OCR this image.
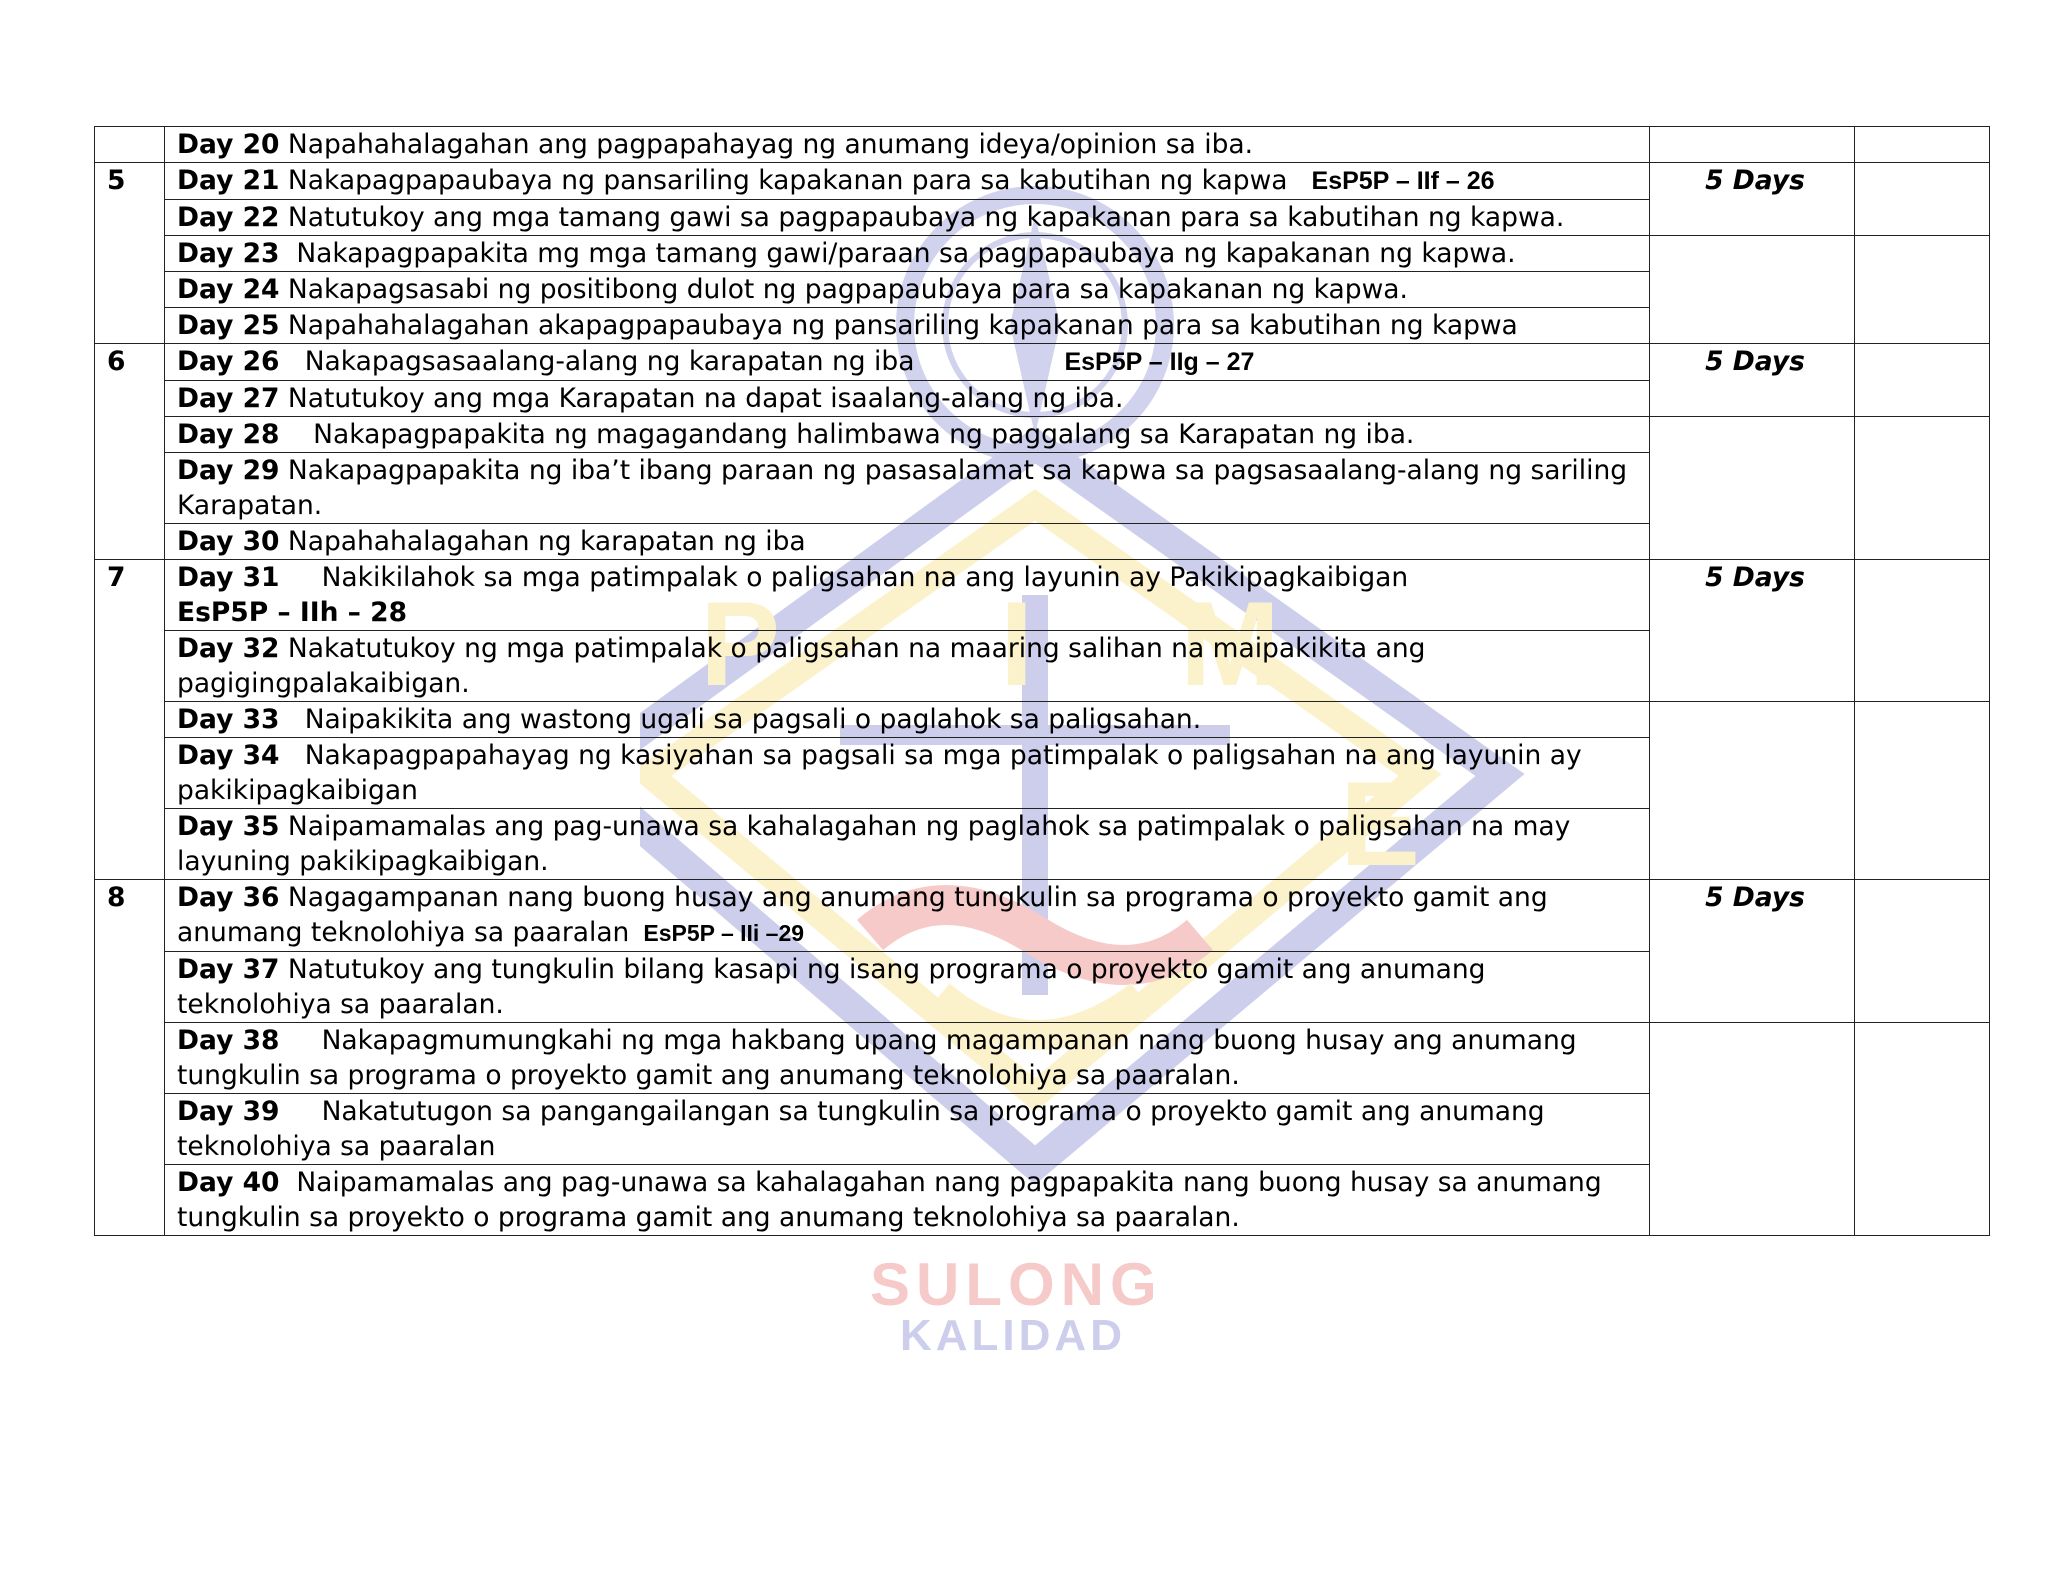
P I M
E
SULONG
KALIDAD
	Day 20 Napahahalagahan ang pagpapahayag ng anumang ideya/opinion sa iba.		
5	Day 21 Nakapagpapaubaya ng pansariling kapakanan para sa kabutihan ng kapwa EsP5P – IIf – 26	5 Days	
	Day 22 Natutukoy ang mga tamang gawi sa pagpapaubaya ng kapakanan para sa kabutihan ng kapwa.		
	Day 23 Nakapagpapakita mg mga tamang gawi/paraan sa pagpapaubaya ng kapakanan ng kapwa.		
	Day 24 Nakapagsasabi ng positibong dulot ng pagpapaubaya para sa kapakanan ng kapwa.		
	Day 25 Napahahalagahan akapagpapaubaya ng pansariling kapakanan para sa kabutihan ng kapwa		
6	Day 26 Nakapagsasaalang-alang ng karapatan ng iba EsP5P – IIg – 27	5 Days	
	Day 27 Natutukoy ang mga Karapatan na dapat isaalang-alang ng iba.		
	Day 28 Nakapagpapakita ng magagandang halimbawa ng paggalang sa Karapatan ng iba.		
	Day 29 Nakapagpapakita ng iba’t ibang paraan ng pasasalamat sa kapwa sa pagsasaalang-alang ng sariling Karapatan.		
	Day 30 Napahahalagahan ng karapatan ng iba		
7	Day 31 Nakikilahok sa mga patimpalak o paligsahan na ang layunin ay Pakikipagkaibigan
EsP5P – IIh – 28	5 Days	
	Day 32 Nakatutukoy ng mga patimpalak o paligsahan na maaring salihan na maipakikita ang pagigingpalakaibigan.		
	Day 33 Naipakikita ang wastong ugali sa pagsali o paglahok sa paligsahan.		
	Day 34 Nakapagpapahayag ng kasiyahan sa pagsali sa mga patimpalak o paligsahan na ang layunin ay pakikipagkaibigan		
	Day 35 Naipamamalas ang pag-unawa sa kahalagahan ng paglahok sa patimpalak o paligsahan na may layuning pakikipagkaibigan.		
8	Day 36 Nagagampanan nang buong husay ang anumang tungkulin sa programa o proyekto gamit ang anumang teknolohiya sa paaralan EsP5P – IIi –29	5 Days	
	Day 37 Natutukoy ang tungkulin bilang kasapi ng isang programa o proyekto gamit ang anumang teknolohiya sa paaralan.		
	Day 38 Nakapagmumungkahi ng mga hakbang upang magampanan nang buong husay ang anumang tungkulin sa programa o proyekto gamit ang anumang teknolohiya sa paaralan.		
	Day 39 Nakatutugon sa pangangailangan sa tungkulin sa programa o proyekto gamit ang anumang teknolohiya sa paaralan		
	Day 40 Naipamamalas ang pag-unawa sa kahalagahan nang pagpapakita nang buong husay sa anumang tungkulin sa proyekto o programa gamit ang anumang teknolohiya sa paaralan.		
